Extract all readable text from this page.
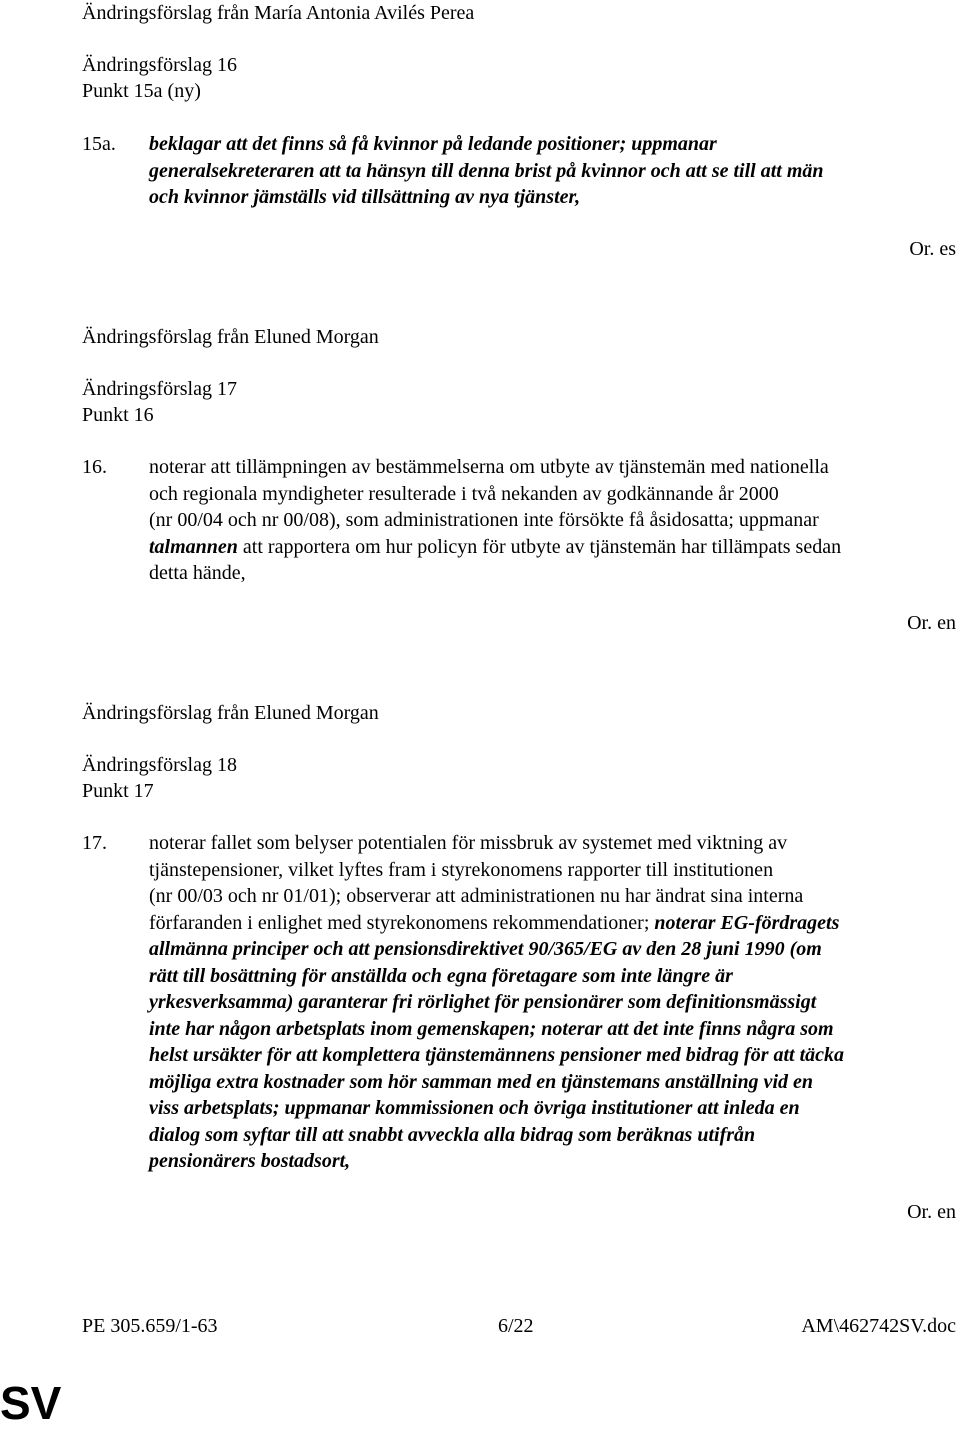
Ändringsförslag från María Antonia Avilés Perea
Ändringsförslag 16
Punkt 15a (ny)
15a. beklagar att det finns så få kvinnor på ledande positioner; uppmanar
generalsekreteraren att ta hänsyn till denna brist på kvinnor och att se till att män
och kvinnor jämställs vid tillsättning av nya tjänster,
Or. es
Ändringsförslag från Eluned Morgan
Ändringsförslag 17
Punkt 16
16. noterar att tillämpningen av bestämmelserna om utbyte av tjänstemän med nationella
och regionala myndigheter resulterade i två nekanden av godkännande år 2000
(nr 00/04 och nr 00/08), som administrationen inte försökte få åsidosatta; uppmanar
talmannen att rapportera om hur policyn för utbyte av tjänstemän har tillämpats sedan
detta hände,
Or. en
Ändringsförslag från Eluned Morgan
Ändringsförslag 18
Punkt 17
17. noterar fallet som belyser potentialen för missbruk av systemet med viktning av
tjänstepensioner, vilket lyftes fram i styrekonomens rapporter till institutionen
(nr 00/03 och nr 01/01); observerar att administrationen nu har ändrat sina interna
förfaranden i enlighet med styrekonomens rekommendationer; noterar EG-fördragets
allmänna principer och att pensionsdirektivet 90/365/EG av den 28 juni 1990 (om
rätt till bosättning för anställda och egna företagare som inte längre är
yrkesverksamma) garanterar fri rörlighet för pensionärer som definitionsmässigt
inte har någon arbetsplats inom gemenskapen; noterar att det inte finns några som
helst ursäkter för att komplettera tjänstemännens pensioner med bidrag för att täcka
möjliga extra kostnader som hör samman med en tjänstemans anställning vid en
viss arbetsplats; uppmanar kommissionen och övriga institutioner att inleda en
dialog som syftar till att snabbt avveckla alla bidrag som beräknas utifrån
pensionärers bostadsort,
Or. en
PE 305.659/1-63	6/22	AM\462742SV.doc
SV
